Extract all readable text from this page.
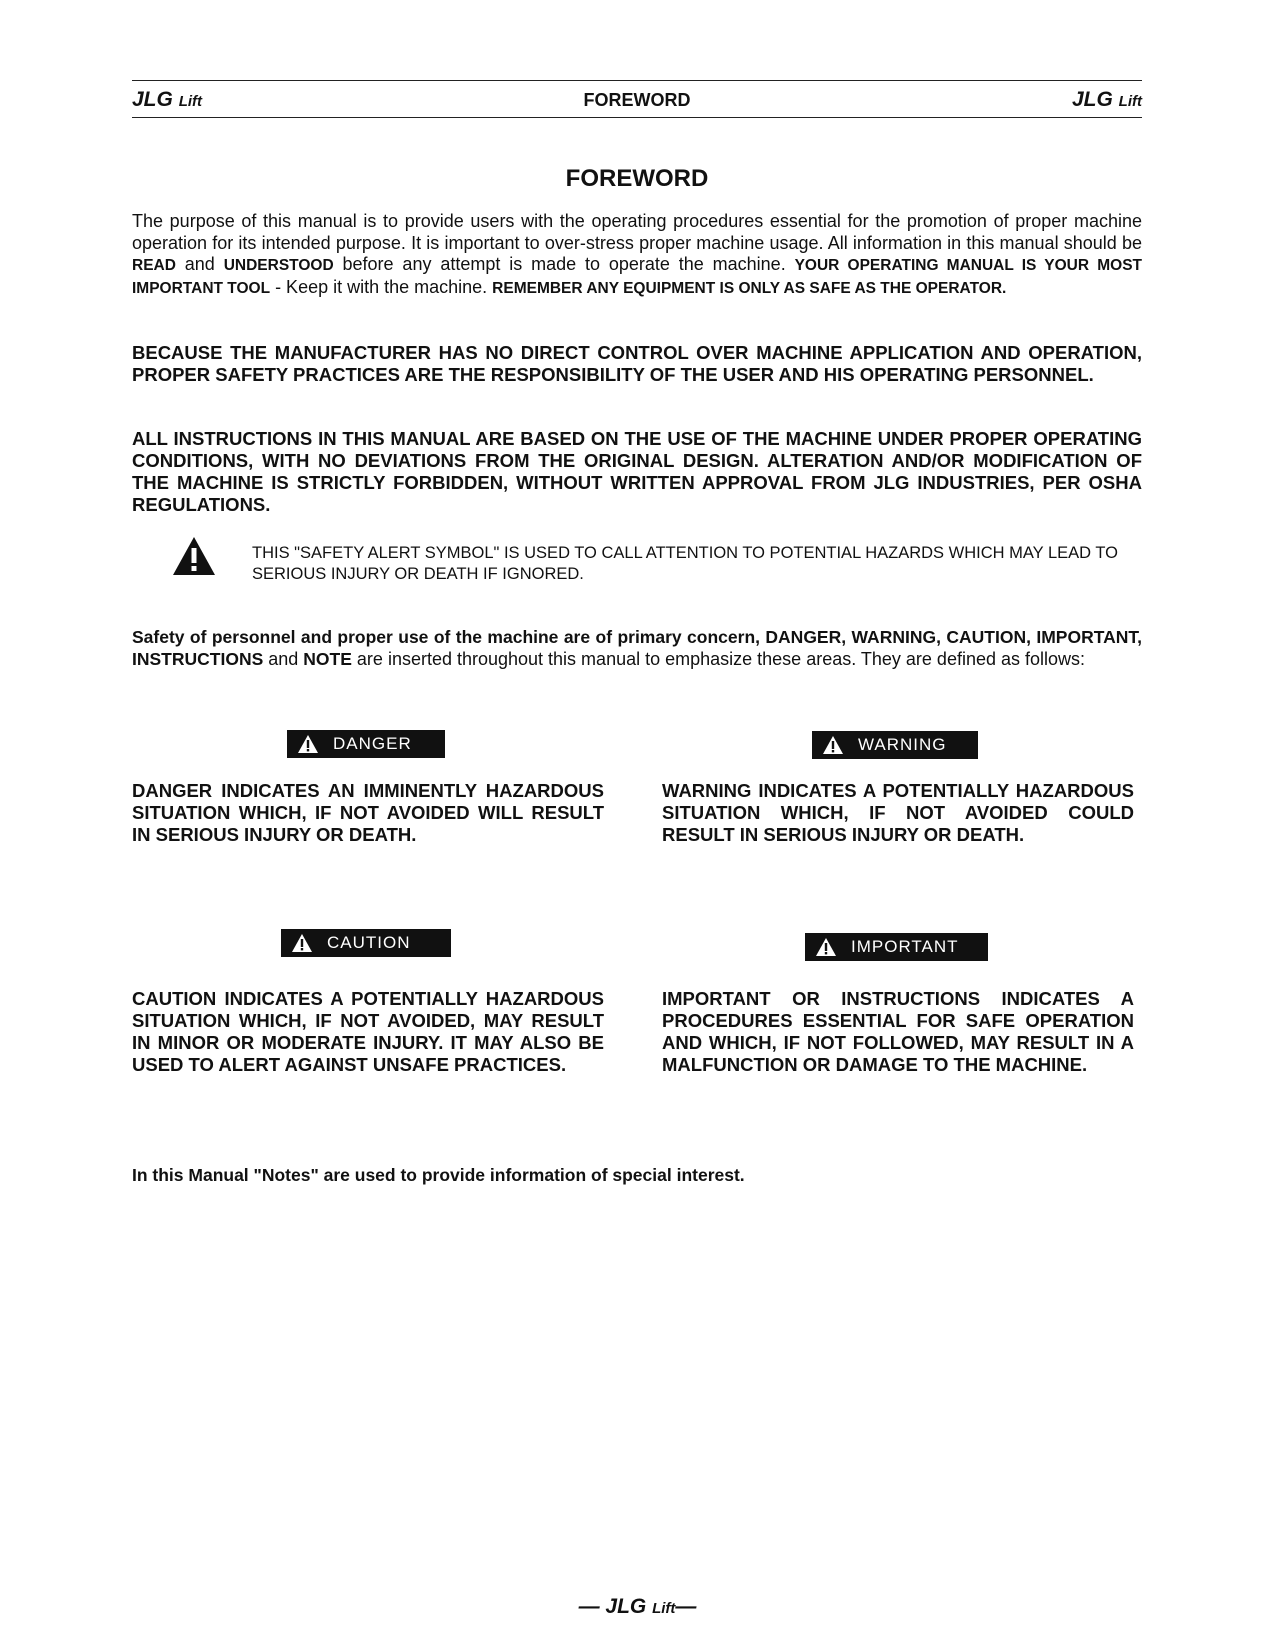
JLG Lift	FOREWORD	JLG Lift
FOREWORD
The purpose of this manual is to provide users with the operating procedures essential for the promotion of proper machine operation for its intended purpose. It is important to over-stress proper machine usage. All information in this manual should be READ and UNDERSTOOD before any attempt is made to operate the machine. YOUR OPERATING MANUAL IS YOUR MOST IMPORTANT TOOL - Keep it with the machine. REMEMBER ANY EQUIPMENT IS ONLY AS SAFE AS THE OPERATOR.
BECAUSE THE MANUFACTURER HAS NO DIRECT CONTROL OVER MACHINE APPLICATION AND OPERATION, PROPER SAFETY PRACTICES ARE THE RESPONSIBILITY OF THE USER AND HIS OPERATING PERSONNEL.
ALL INSTRUCTIONS IN THIS MANUAL ARE BASED ON THE USE OF THE MACHINE UNDER PROPER OPERATING CONDITIONS, WITH NO DEVIATIONS FROM THE ORIGINAL DESIGN. ALTERATION AND/OR MODIFICATION OF THE MACHINE IS STRICTLY FORBIDDEN, WITHOUT WRITTEN APPROVAL FROM JLG INDUSTRIES, PER OSHA REGULATIONS.
THIS "SAFETY ALERT SYMBOL" IS USED TO CALL ATTENTION TO POTENTIAL HAZARDS WHICH MAY LEAD TO SERIOUS INJURY OR DEATH IF IGNORED.
Safety of personnel and proper use of the machine are of primary concern, DANGER, WARNING, CAUTION, IMPORTANT, INSTRUCTIONS and NOTE are inserted throughout this manual to emphasize these areas. They are defined as follows:
DANGER	WARNING
DANGER INDICATES AN IMMINENTLY HAZARDOUS SITUATION WHICH, IF NOT AVOIDED WILL RESULT IN SERIOUS INJURY OR DEATH.
WARNING INDICATES A POTENTIALLY HAZARDOUS SITUATION WHICH, IF NOT AVOIDED COULD RESULT IN SERIOUS INJURY OR DEATH.
CAUTION	IMPORTANT
CAUTION INDICATES A POTENTIALLY HAZARDOUS SITUATION WHICH, IF NOT AVOIDED, MAY RESULT IN MINOR OR MODERATE INJURY. IT MAY ALSO BE USED TO ALERT AGAINST UNSAFE PRACTICES.
IMPORTANT OR INSTRUCTIONS INDICATES A PROCEDURES ESSENTIAL FOR SAFE OPERATION AND WHICH, IF NOT FOLLOWED, MAY RESULT IN A MALFUNCTION OR DAMAGE TO THE MACHINE.
In this Manual "Notes" are used to provide information of special interest.
— JLG Lift—
